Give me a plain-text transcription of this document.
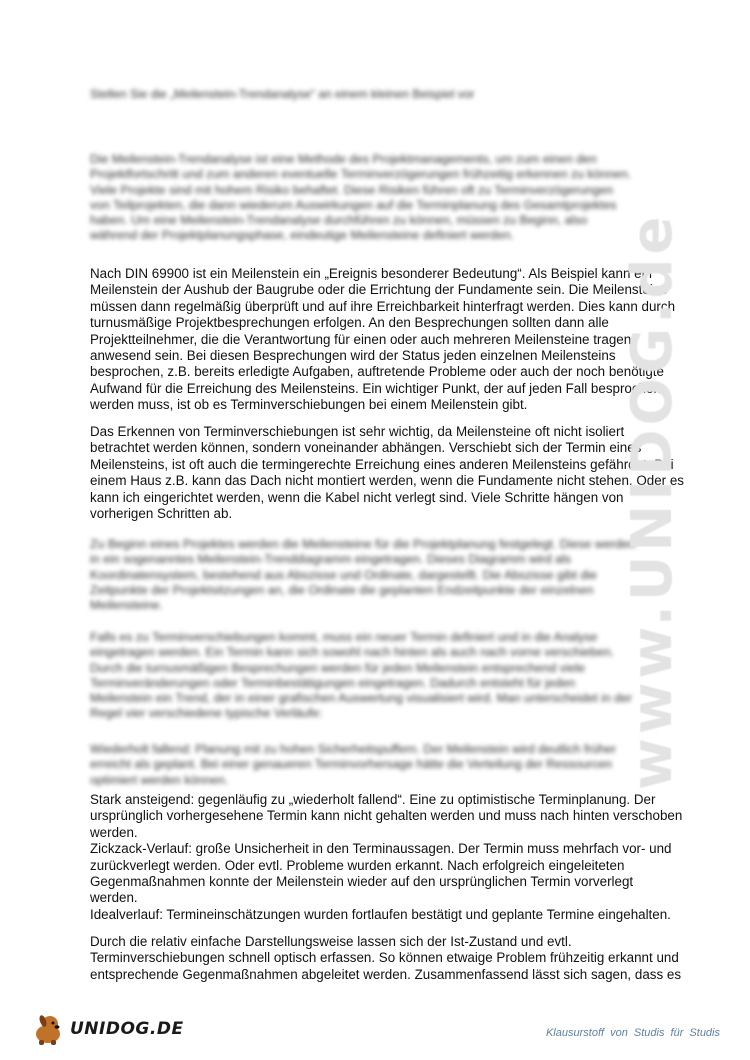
Stellen Sie die „Meilenstein-Trendanalyse“ an einem kleinen Beispiel vor
Die Meilenstein-Trendanalyse ist eine Methode des Projektmanagements, um zum einen den
Projektfortschritt und zum anderen eventuelle Terminverzögerungen frühzeitig erkennen zu können.
Viele Projekte sind mit hohem Risiko behaftet. Diese Risiken führen oft zu Terminverzögerungen
von Teilprojekten, die dann wiederum Auswirkungen auf die Terminplanung des Gesamtprojektes
haben. Um eine Meilenstein-Trendanalyse durchführen zu können, müssen zu Beginn, also
während der Projektplanungsphase, eindeutige Meilensteine definiert werden.
Nach DIN 69900 ist ein Meilenstein ein „Ereignis besonderer Bedeutung“. Als Beispiel kann ein
Meilenstein der Aushub der Baugrube oder die Errichtung der Fundamente sein. Die Meilensteine
müssen dann regelmäßig überprüft und auf ihre Erreichbarkeit hinterfragt werden. Dies kann durch
turnusmäßige Projektbesprechungen erfolgen. An den Besprechungen sollten dann alle
Projektteilnehmer, die die Verantwortung für einen oder auch mehreren Meilensteine tragen,
anwesend sein. Bei diesen Besprechungen wird der Status jeden einzelnen Meilensteins
besprochen, z.B. bereits erledigte Aufgaben, auftretende Probleme oder auch der noch benötigte
Aufwand für die Erreichung des Meilensteins. Ein wichtiger Punkt, der auf jeden Fall besprochen
werden muss, ist ob es Terminverschiebungen bei einem Meilenstein gibt.
Das Erkennen von Terminverschiebungen ist sehr wichtig, da Meilensteine oft nicht isoliert
betrachtet werden können, sondern voneinander abhängen. Verschiebt sich der Termin eines
Meilensteins, ist oft auch die termingerechte Erreichung eines anderen Meilensteins gefährdet. Bei
einem Haus z.B. kann das Dach nicht montiert werden, wenn die Fundamente nicht stehen. Oder es
kann ich eingerichtet werden, wenn die Kabel nicht verlegt sind. Viele Schritte hängen von
vorherigen Schritten ab.
Zu Beginn eines Projektes werden die Meilensteine für die Projektplanung festgelegt. Diese werden
in ein sogenanntes Meilenstein-Trenddiagramm eingetragen. Dieses Diagramm wird als
Koordinatensystem, bestehend aus Abszisse und Ordinate, dargestellt. Die Abszisse gibt die
Zeitpunkte der Projektsitzungen an, die Ordinate die geplanten Endzeitpunkte der einzelnen
Meilensteine.
Falls es zu Terminverschiebungen kommt, muss ein neuer Termin definiert und in die Analyse
eingetragen werden. Ein Termin kann sich sowohl nach hinten als auch nach vorne verschieben.
Durch die turnusmäßigen Besprechungen werden für jeden Meilenstein entsprechend viele
Terminveränderungen oder Terminbestätigungen eingetragen. Dadurch entsteht für jeden
Meilenstein ein Trend, der in einer grafischen Auswertung visualisiert wird. Man unterscheidet in der
Regel vier verschiedene typische Verläufe:
Wiederholt fallend: Planung mit zu hohen Sicherheitspuffern. Der Meilenstein wird deutlich früher
erreicht als geplant. Bei einer genaueren Terminvorhersage hätte die Verteilung der Ressourcen
optimiert werden können.
Stark ansteigend: gegenläufig zu „wiederholt fallend“. Eine zu optimistische Terminplanung. Der
ursprünglich vorhergesehene Termin kann nicht gehalten werden und muss nach hinten verschoben
werden.
Zickzack-Verlauf: große Unsicherheit in den Terminaussagen. Der Termin muss mehrfach vor- und
zurückverlegt werden. Oder evtl. Probleme wurden erkannt. Nach erfolgreich eingeleiteten
Gegenmaßnahmen konnte der Meilenstein wieder auf den ursprünglichen Termin vorverlegt
werden.
Idealverlauf: Termineinschätzungen wurden fortlaufen bestätigt und geplante Termine eingehalten.
Durch die relativ einfache Darstellungsweise lassen sich der Ist-Zustand und evtl.
Terminverschiebungen schnell optisch erfassen. So können etwaige Problem frühzeitig erkannt und
entsprechende Gegenmaßnahmen abgeleitet werden. Zusammenfassend lässt sich sagen, dass es
www.UNIDOG.de
UNIDOG.DE	Klausurstoff von Studis für Studis
